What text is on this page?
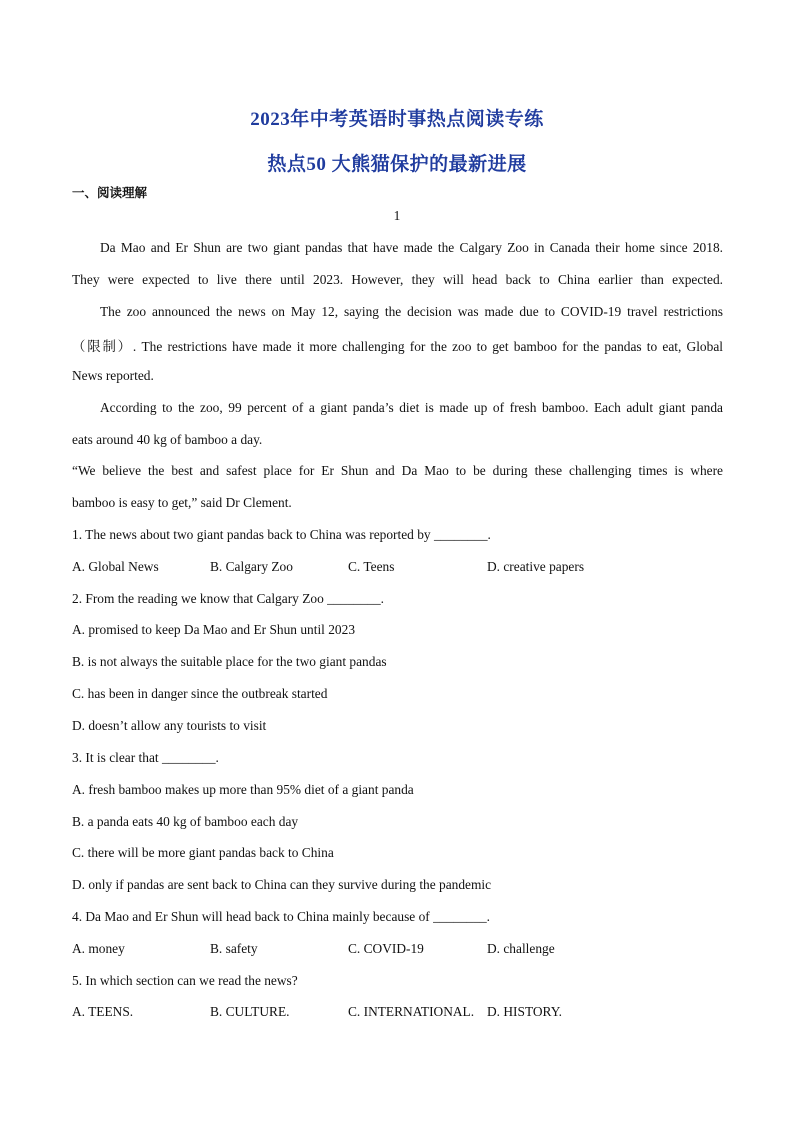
2023年中考英语时事热点阅读专练
热点50 大熊猫保护的最新进展
一、阅读理解
1
Da Mao and Er Shun are two giant pandas that have made the Calgary Zoo in Canada their home since 2018.
They were expected to live there until 2023. However, they will head back to China earlier than expected.
The zoo announced the news on May 12, saying the decision was made due to COVID-19 travel restrictions
（限制）. The restrictions have made it more challenging for the zoo to get bamboo for the pandas to eat, Global
News reported.
According to the zoo, 99 percent of a giant panda’s diet is made up of fresh bamboo. Each adult giant panda
eats around 40 kg of bamboo a day.
“We believe the best and safest place for Er Shun and Da Mao to be during these challenging times is where
bamboo is easy to get,” said Dr Clement.
1. The news about two giant pandas back to China was reported by ________.
A. Global News	B. Calgary Zoo	C. Teens	D. creative papers
2. From the reading we know that Calgary Zoo ________.
A. promised to keep Da Mao and Er Shun until 2023
B. is not always the suitable place for the two giant pandas
C. has been in danger since the outbreak started
D. doesn’t allow any tourists to visit
3. It is clear that ________.
A. fresh bamboo makes up more than 95% diet of a giant panda
B. a panda eats 40 kg of bamboo each day
C. there will be more giant pandas back to China
D. only if pandas are sent back to China can they survive during the pandemic
4. Da Mao and Er Shun will head back to China mainly because of ________.
A. money	B. safety	C. COVID-19	D. challenge
5. In which section can we read the news?
A. TEENS.	B. CULTURE.	C. INTERNATIONAL. D. HISTORY.
